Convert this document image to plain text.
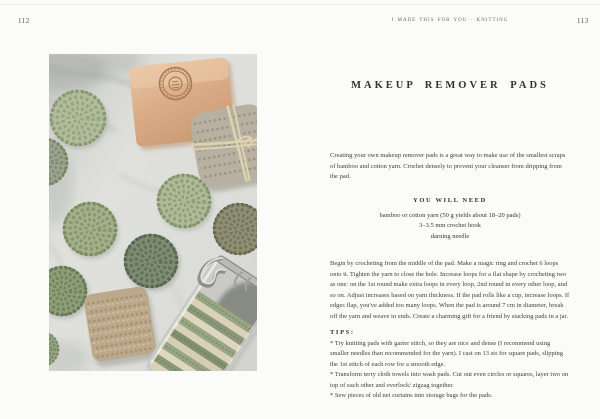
112	I MADE THIS FOR YOU · KNITTING	113
MAKEUP REMOVER PADS

Creating your own makeup remover pads is a great way to make use of the smallest scraps of bamboo and cotton yarn. Crochet densely to prevent your cleanser from dripping from the pad.

YOU WILL NEED
bamboo or cotton yarn (50 g yields about 18–20 pads)
3–3.5 mm crochet hook
darning needle

Begin by crocheting from the middle of the pad. Make a magic ring and crochet 6 loops onto it. Tighten the yarn to close the hole. Increase loops for a flat shape by crocheting two as one: on the 1st round make extra loops in every loop, 2nd round in every other loop, and so on. Adjust increases based on yarn thickness. If the pad rolls like a cup, increase loops. If edges flap, you've added too many loops. When the pad is around 7 cm in diameter, break off the yarn and weave in ends. Create a charming gift for a friend by stacking pads in a jar.

TIPS:

* Try knitting pads with garter stitch, so they are nice and dense (I recommend using smaller needles than recommended for the yarn). I cast on 13 sts for square pads, slipping the 1st stitch of each row for a smooth edge.

* Transform terry cloth towels into wash pads. Cut out even circles or squares, layer two on top of each other and overlock/ zigzag together.

* Sew pieces of old net curtains into storage bags for the pads.
